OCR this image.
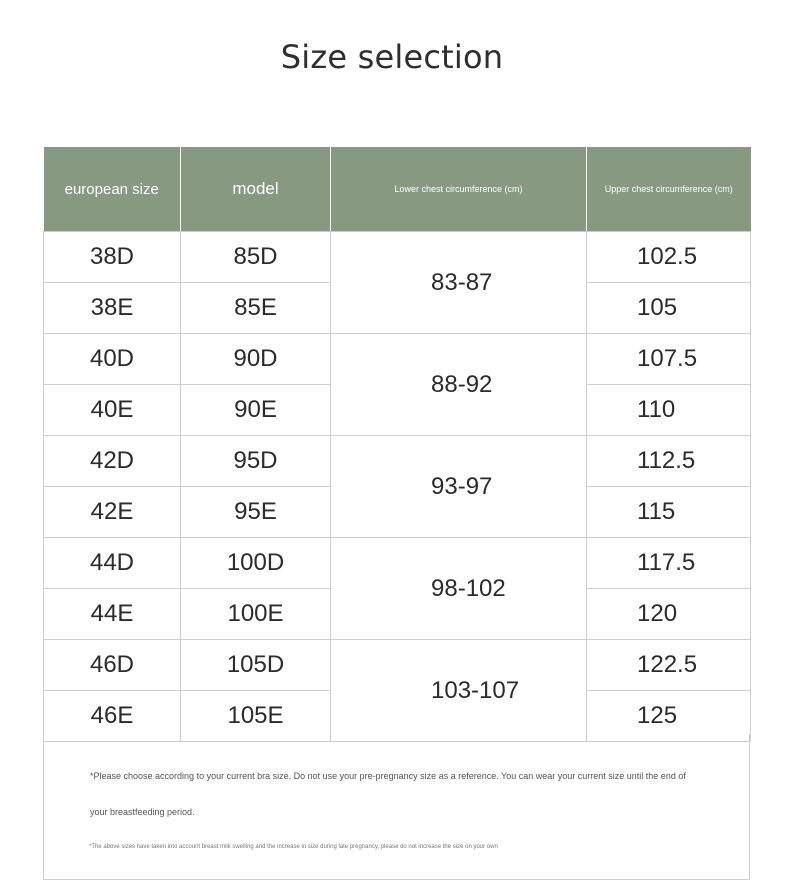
Size selection
european size	model	Lower chest circumference (cm)	Upper chest circumference (cm)
38D	85D	83-87	102.5
38E	85E		105
40D	90D	88-92	107.5
40E	90E		110
42D	95D	93-97	112.5
42E	95E		115
44D	100D	98-102	117.5
44E	100E		120
46D	105D	103-107	122.5
46E	105E		125
*Please choose according to your current bra size. Do not use your pre-pregnancy size as a reference. You can wear your current size until the end of your breastfeeding period.
*The above sizes have taken into account breast milk swelling and the increase in size during late pregnancy, please do not increase the size on your own
